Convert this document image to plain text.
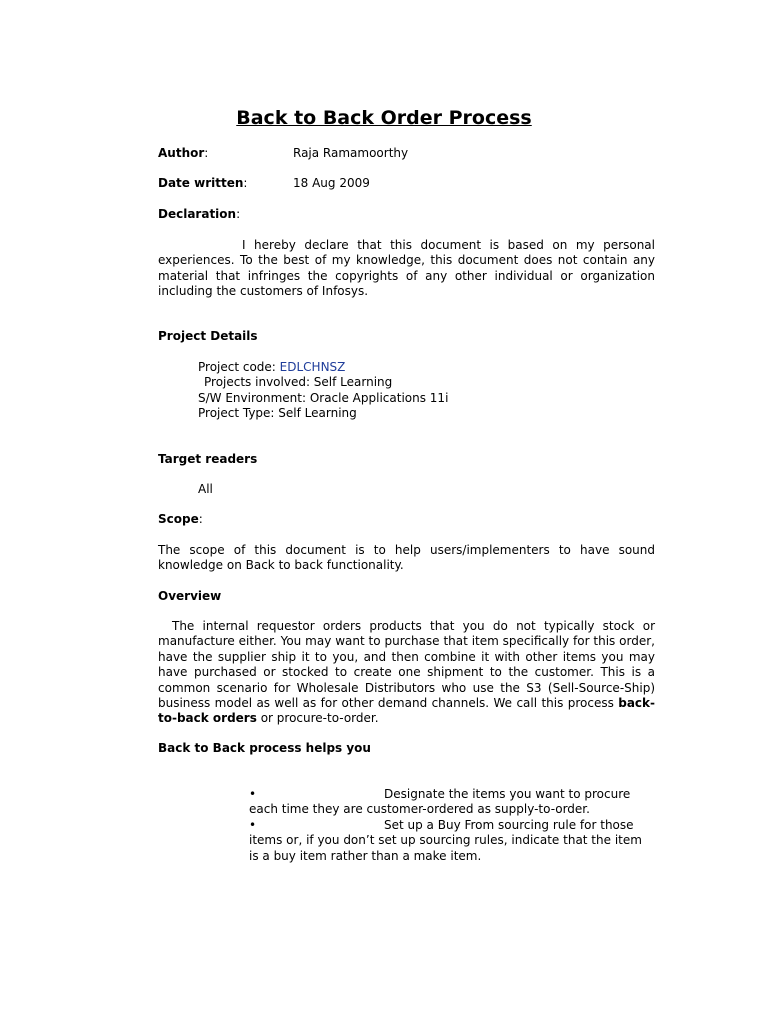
Back to Back Order Process
Author:	Raja Ramamoorthy
Date written:	18 Aug 2009
Declaration:
I hereby declare that this document is based on my personal experiences. To the best of my knowledge, this document does not contain any material that infringes the copyrights of any other individual or organization including the customers of Infosys.
Project Details
Project code: EDLCHNSZ
Projects involved: Self Learning
S/W Environment: Oracle Applications 11i
Project Type: Self Learning
Target readers
All
Scope:
The scope of this document is to help users/implementers to have sound knowledge on Back to back functionality.
Overview
The internal requestor orders products that you do not typically stock or manufacture either. You may want to purchase that item specifically for this order, have the supplier ship it to you, and then combine it with other items you may have purchased or stocked to create one shipment to the customer. This is a common scenario for Wholesale Distributors who use the S3 (Sell-Source-Ship) business model as well as for other demand channels. We call this process back-to-back orders or procure-to-order.
Back to Back process helps you
•	Designate the items you want to procure
each time they are customer-ordered as supply-to-order.
•	Set up a Buy From sourcing rule for those
items or, if you don’t set up sourcing rules, indicate that the item is a buy item rather than a make item.
